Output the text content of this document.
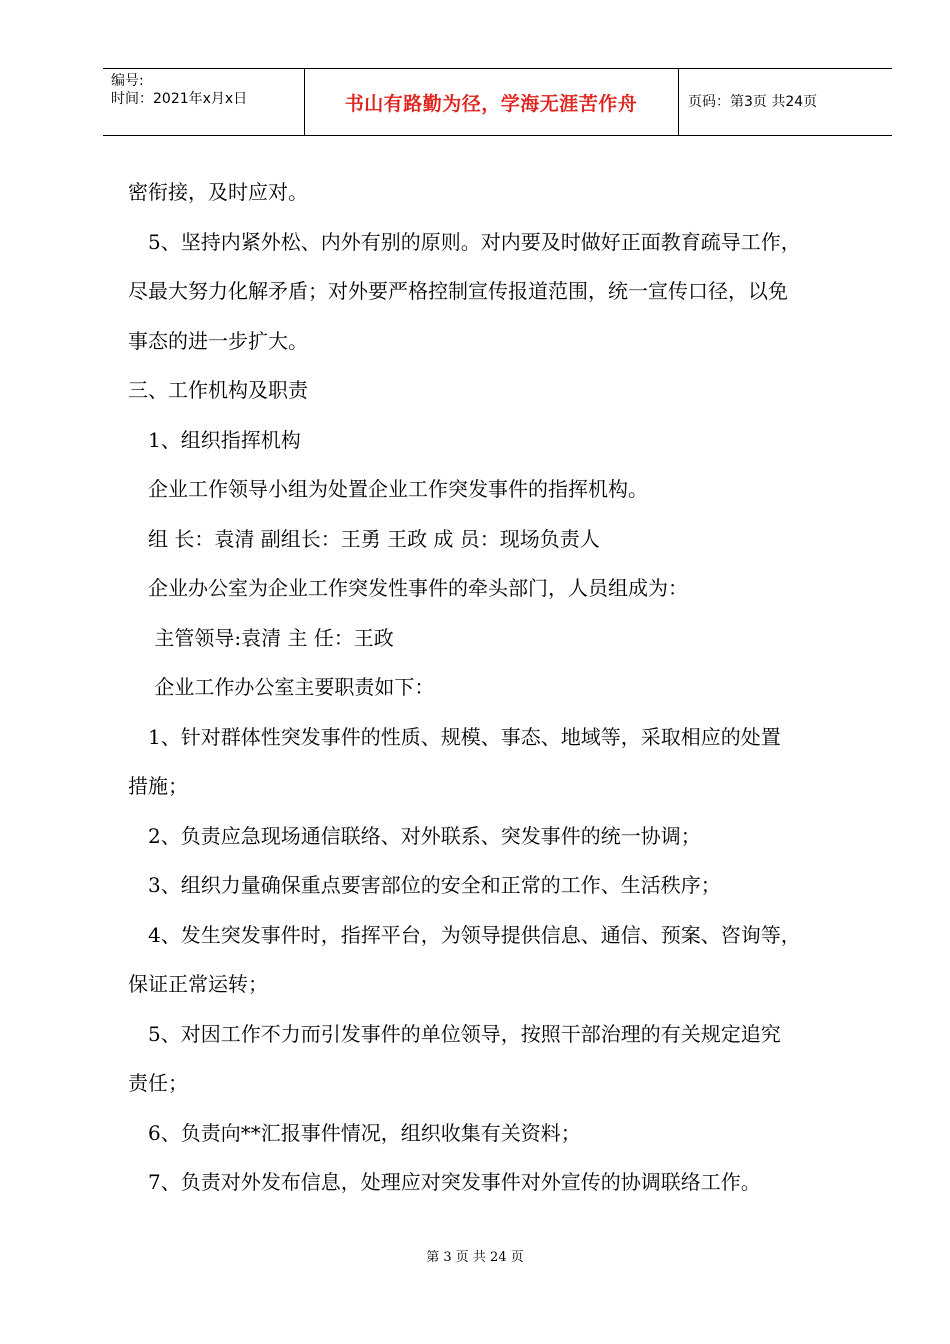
编号:
时间：2021年x月x日	书山有路勤为径，学海无涯苦作舟	页码：第3页 共24页

密衔接，及时应对。

　5、坚持内紧外松、内外有别的原则。对内要及时做好正面教育疏导工作，

尽最大努力化解矛盾；对外要严格控制宣传报道范围，统一宣传口径，以免

事态的进一步扩大。

三、工作机构及职责

　1、组织指挥机构

　企业工作领导小组为处置企业工作突发事件的指挥机构。

　组 长：袁清 副组长：王勇 王政 成 员：现场负责人

　企业办公室为企业工作突发性事件的牵头部门，人员组成为：

　 主管领导:袁清 主 任：王政

　 企业工作办公室主要职责如下：

　1、针对群体性突发事件的性质、规模、事态、地域等，采取相应的处置

措施；

　2、负责应急现场通信联络、对外联系、突发事件的统一协调；

　3、组织力量确保重点要害部位的安全和正常的工作、生活秩序；

　4、发生突发事件时，指挥平台，为领导提供信息、通信、预案、咨询等，

保证正常运转；

　5、对因工作不力而引发事件的单位领导，按照干部治理的有关规定追究

责任；

　6、负责向**汇报事件情况，组织收集有关资料；

　7、负责对外发布信息，处理应对突发事件对外宣传的协调联络工作。

第 3 页 共 24 页
